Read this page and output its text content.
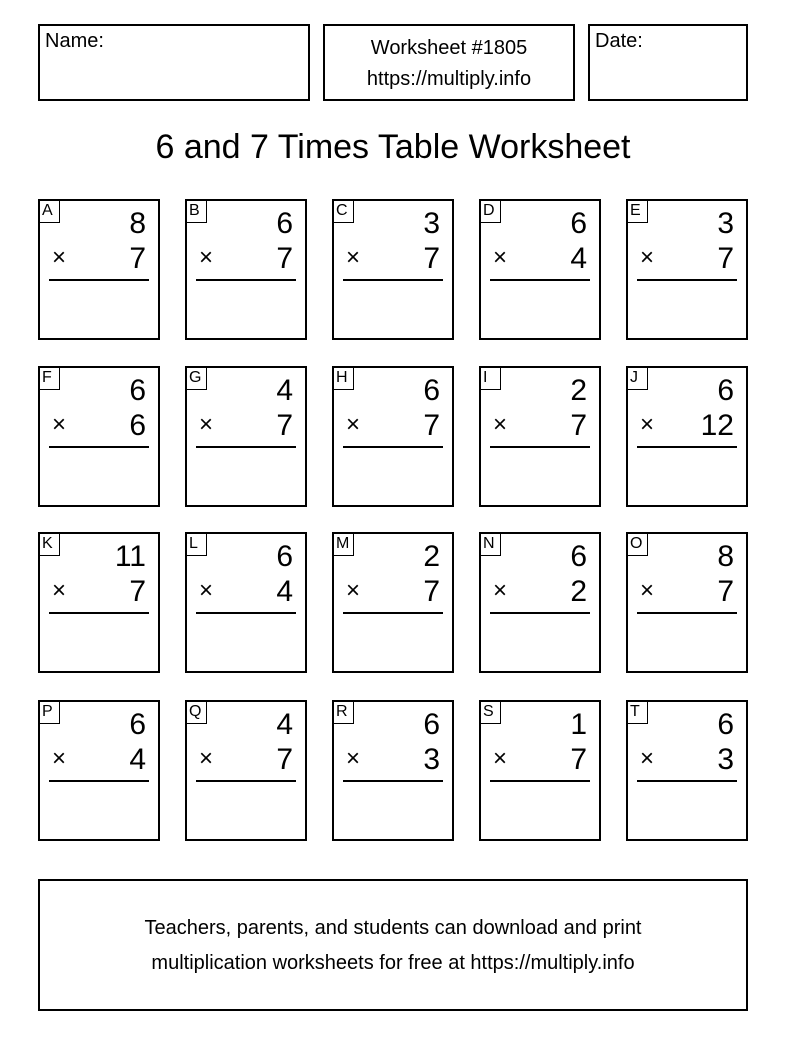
Name:	Worksheet #1805
https://multiply.info
Date:
6 and 7 Times Table Worksheet
A	8
× 7
B	6
× 7
C	3
× 7
D	6
× 4
E	3
× 7
F	6
× 6
G 4
× 7
H	6
× 7
I	2
× 7
J	6
× 12
K 11
× 7
L	6
× 4
M 2
× 7
N	6
× 2
O 8
× 7
P	6
× 4
Q 4
× 7
R	6
× 3
S	1
× 7
T	6
× 3
Teachers, parents, and students can download and print
multiplication worksheets for free at https://multiply.info
